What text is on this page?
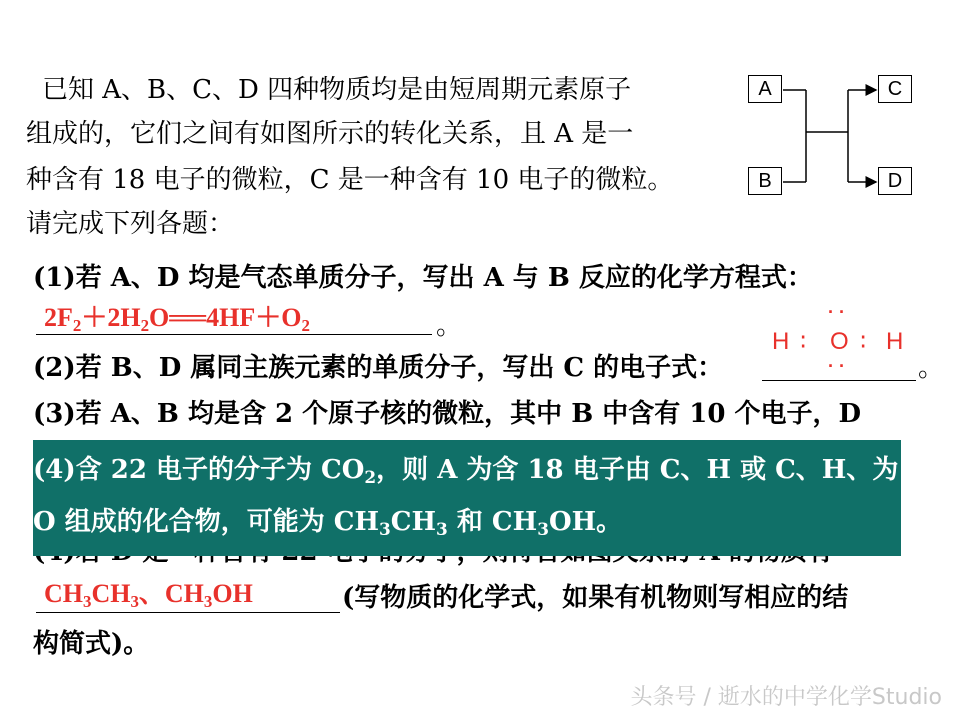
已知 A、B、C、D 四种物质均是由短周期元素原子
组成的，它们之间有如图所示的转化关系，且 A 是一
种含有 18 电子的微粒，C 是一种含有 10 电子的微粒。
请完成下列各题：
A
B
C
D
(1)若 A、D 均是气态单质分子，写出 A 与 B 反应的化学方程式：
$2F_2+2H_2O══4HF+O_2$	。
(2)若 B、D 属同主族元素的单质分子，写出 C 的电子式：	。
· ·
H ∶ O ∶ H
· ·
(3)若 A、B 均是含 2 个原子核的微粒，其中 B 中含有 10 个电子，D
(4)含 22 电子的分子为 $CO_2$，则 A 为含 18 电子由 C、H 或 C、H、为
O 组成的化合物，可能为 $CH_3CH_3$ 和 $CH_3OH$。
$CH_3CH_3$、$CH_3OH$	(写物质的化学式，如果有机物则写相应的结
构简式)。
头条号 / 逝水的中学化学Studio
